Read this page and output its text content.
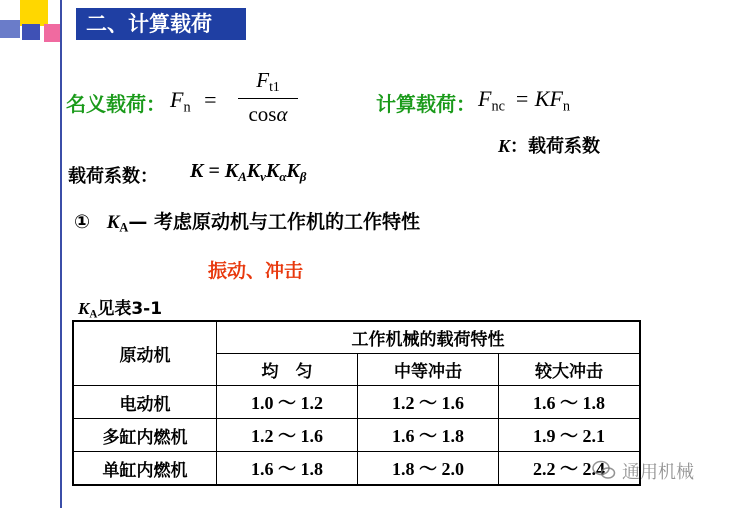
二、计算载荷
名义载荷： $F_n$ =
$F_{t1}$
cosα	计算载荷： $F_{nc} = KF_n$
K：载荷系数
载荷系数： $K = K_AK_vK_\alpha K_\beta$
① $K_A—$ 考虑原动机与工作机的工作特性
振动、冲击
$K_A$见表3-1
原动机	工作机械的载荷特性		
	均　匀	中等冲击	较大冲击
电动机	1.0 ～ 1.2	1.2 ～ 1.6	1.6 ～ 1.8
多缸内燃机	1.2 ～ 1.6	1.6 ～ 1.8	1.9 ～ 2.1
单缸内燃机	1.6 ～ 1.8	1.8 ～ 2.0	2.2 ～ 2.4 通用机械
